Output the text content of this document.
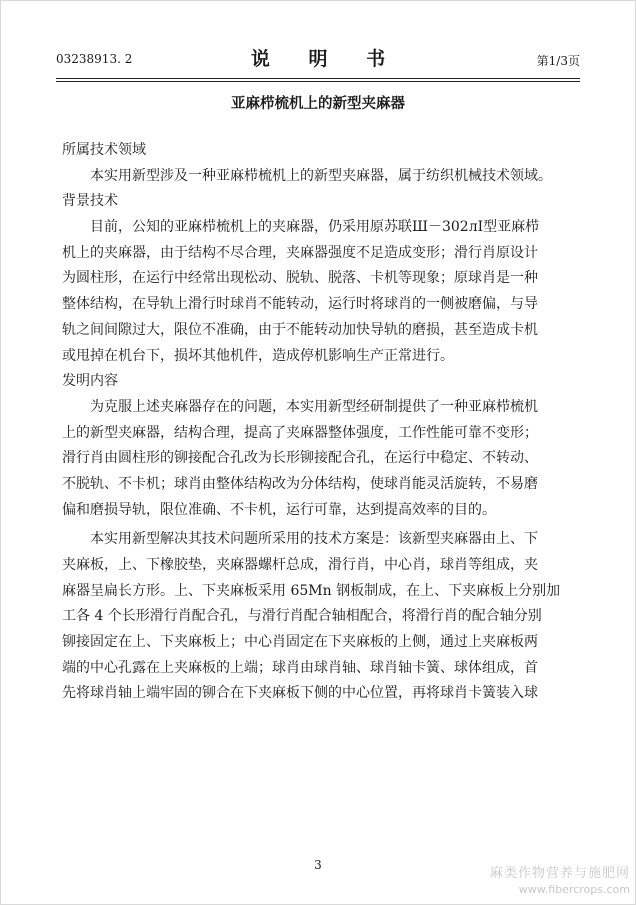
03238913. 2	说 明 书	第1/3页
亚麻栉梳机上的新型夹麻器
所属技术领域
本实用新型涉及一种亚麻栉梳机上的新型夹麻器，属于纺织机械技术领域。
背景技术
目前，公知的亚麻栉梳机上的夹麻器，仍采用原苏联Ш－302лⅠ型亚麻栉
机上的夹麻器，由于结构不尽合理，夹麻器强度不足造成变形；滑行肖原设计
为圆柱形，在运行中经常出现松动、脱轨、脱落、卡机等现象；原球肖是一种
整体结构，在导轨上滑行时球肖不能转动，运行时将球肖的一侧被磨偏，与导
轨之间间隙过大，限位不准确，由于不能转动加快导轨的磨损，甚至造成卡机
或甩掉在机台下，损坏其他机件，造成停机影响生产正常进行。
发明内容
为克服上述夹麻器存在的问题，本实用新型经研制提供了一种亚麻栉梳机
上的新型夹麻器，结构合理，提高了夹麻器整体强度，工作性能可靠不变形；
滑行肖由圆柱形的铆接配合孔改为长形铆接配合孔，在运行中稳定、不转动、
不脱轨、不卡机；球肖由整体结构改为分体结构，使球肖能灵活旋转，不易磨
偏和磨损导轨，限位准确、不卡机，运行可靠，达到提高效率的目的。
本实用新型解决其技术问题所采用的技术方案是：该新型夹麻器由上、下
夹麻板，上、下橡胶垫，夹麻器螺杆总成，滑行肖，中心肖，球肖等组成，夹
麻器呈扁长方形。上、下夹麻板采用 65Mn 钢板制成，在上、下夹麻板上分别加
工各 4 个长形滑行肖配合孔，与滑行肖配合轴相配合，将滑行肖的配合轴分别
铆接固定在上、下夹麻板上；中心肖固定在下夹麻板的上侧，通过上夹麻板两
端的中心孔露在上夹麻板的上端；球肖由球肖轴、球肖轴卡簧、球体组成，首
先将球肖轴上端牢固的铆合在下夹麻板下侧的中心位置，再将球肖卡簧装入球
3
麻类作物营养与施肥网
www.fibercrops.com
